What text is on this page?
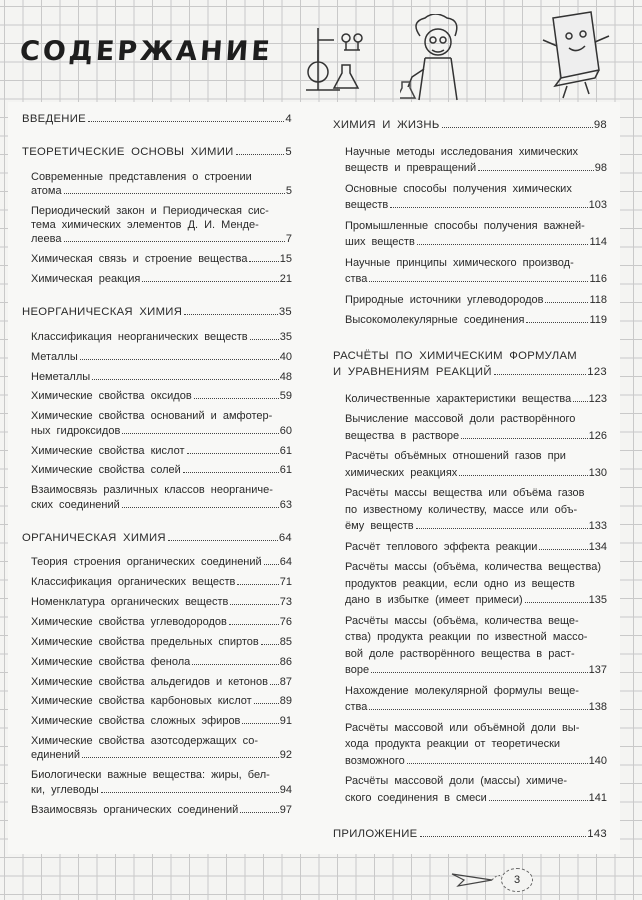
СОДЕРЖАНИЕ
ВВЕДЕНИЕ	4
ТЕОРЕТИЧЕСКИЕ ОСНОВЫ ХИМИИ	5
Современные представления о строении
атома	5
Периодический закон и Периодическая сис-
тема химических элементов Д. И. Менде-
леева	7
Химическая связь и строение вещества	15
Химическая реакция	21
НЕОРГАНИЧЕСКАЯ ХИМИЯ	35
Классификация неорганических веществ	35
Металлы	40
Неметаллы	48
Химические свойства оксидов	59
Химические свойства оснований и амфотер-
ных гидроксидов	60
Химические свойства кислот	61
Химические свойства солей	61
Взаимосвязь различных классов неорганиче-
ских соединений	63
ОРГАНИЧЕСКАЯ ХИМИЯ	64
Теория строения органических соединений 64
Классификация органических веществ	71
Номенклатура органических веществ	73
Химические свойства углеводородов	76
Химические свойства предельных спиртов 85
Химические свойства фенола	86
Химические свойства альдегидов и кетонов 87
Химические свойства карбоновых кислот	89
Химические свойства сложных эфиров	91
Химические свойства азотсодержащих со-
единений	92
Биологически важные вещества: жиры, бел-
ки, углеводы	94
Взаимосвязь органических соединений	97
ХИМИЯ И ЖИЗНЬ	98
Научные методы исследования химических
веществ и превращений	98
Основные способы получения химических
веществ	103
Промышленные способы получения важней-
ших веществ	114
Научные принципы химического производ-
ства	116
Природные источники углеводородов	118
Высокомолекулярные соединения	119
РАСЧЁТЫ ПО ХИМИЧЕСКИМ ФОРМУЛАМ
И УРАВНЕНИЯМ РЕАКЦИЙ	123
Количественные характеристики вещества 123
Вычисление массовой доли растворённого
вещества в растворе	126
Расчёты объёмных отношений газов при
химических реакциях	130
Расчёты массы вещества или объёма газов
по известному количеству, массе или объ-
ёму веществ	133
Расчёт теплового эффекта реакции	134
Расчёты массы (объёма, количества вещества)
продуктов реакции, если одно из веществ
дано в избытке (имеет примеси)	135
Расчёты массы (объёма, количества веще-
ства) продукта реакции по известной массо-
вой доле растворённого вещества в раст-
воре	137
Нахождение молекулярной формулы веще-
ства	138
Расчёты массовой или объёмной доли вы-
хода продукта реакции от теоретически
возможного	140
Расчёты массовой доли (массы) химиче-
ского соединения в смеси	141
ПРИЛОЖЕНИЕ	143
3
